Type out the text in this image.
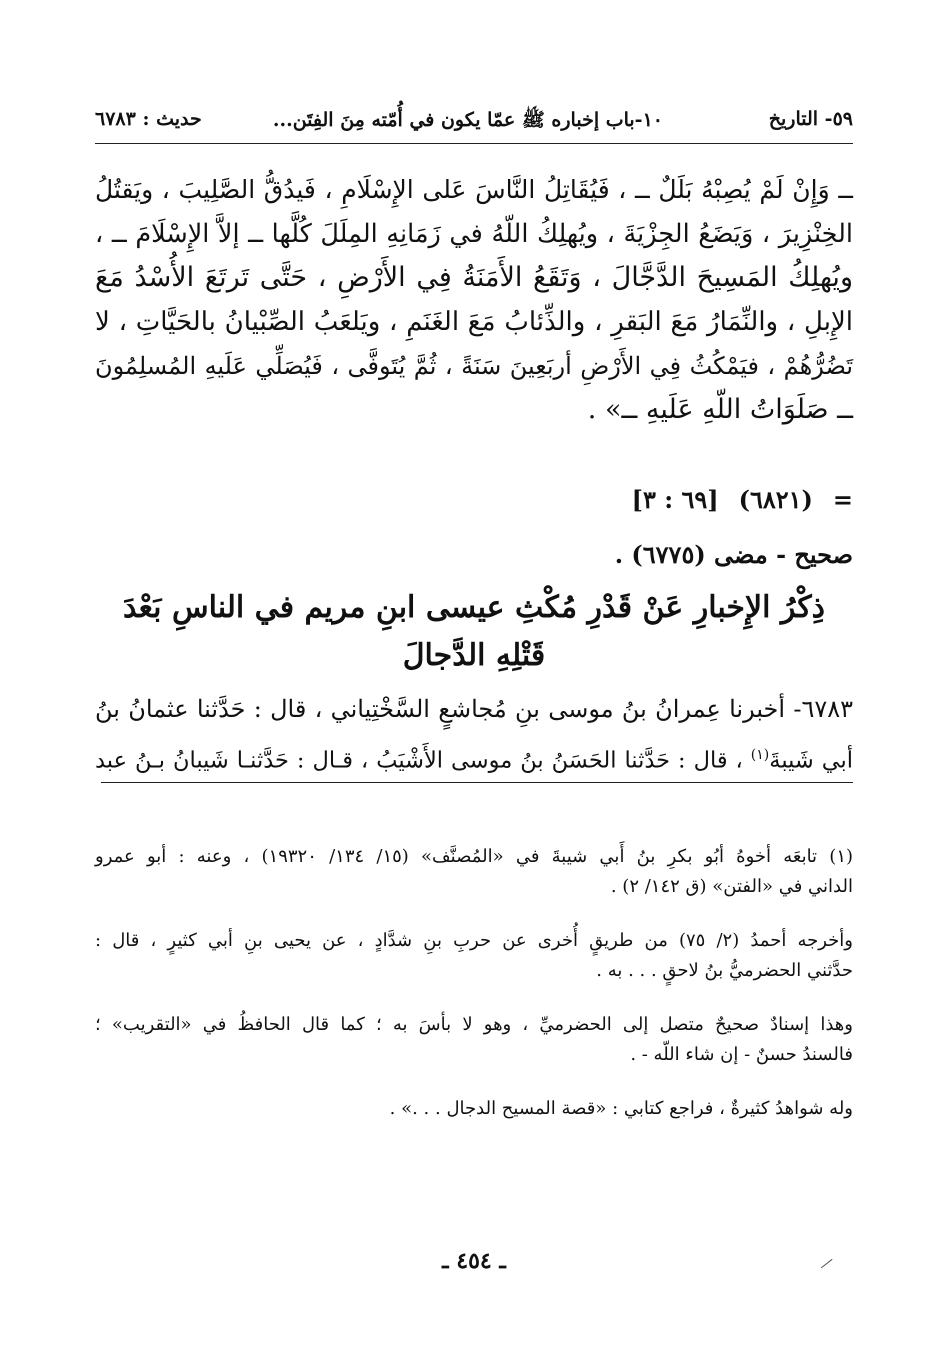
٥٩- التاريخ
١٠-باب إخباره ﷺ عمّا يكون في أُمّته مِنَ الفِتَن...
حديث : ٦٧٨٣

ــ وَإِنْ لَمْ يُصِبْهُ بَلَلٌ ــ ، فَيُقَاتِلُ النَّاسَ عَلى الإِسْلَامِ ، فَيدُقُّ الصَّلِيبَ ، ويَقتُلُ

الخِنْزِيرَ ، وَيَضَعُ الجِزْيَةَ ، ويُهلِكُ اللّهُ في زَمَانِهِ المِلَلَ كُلَّها ــ إلاَّ الإِسْلَامَ ــ ،

ويُهلِكُ المَسِيحَ الدَّجَّالَ ، وَتَقَعُ الأَمَنَةُ فِي الأَرْضِ ، حَتَّى تَرتَعَ الأُسْدُ مَعَ

الإِبلِ ، والنِّمَارُ مَعَ البَقرِ ، والذِّئابُ مَعَ الغَنَمِ ، ويَلعَبُ الصِّبْيانُ بالحَيَّاتِ ، لا

تَضُرُّهُمْ ، فيَمْكُثُ فِي الأَرْضِ أربَعِينَ سَنَةً ، ثُمَّ يُتَوفَّى ، فَيُصَلِّي عَلَيهِ المُسلِمُونَ

ــ صَلَوَاتُ اللّهِ عَلَيهِ ــ» .

=(٦٨٢١)[٦٩ : ٣]
صحيح - مضى (٦٧٧٥) .

ذِكْرُ الإِخبارِ عَنْ قَدْرِ مُكْثِ عيسى ابنِ مريم في الناسِ بَعْدَ

قَتْلِهِ الدَّجالَ

٦٧٨٣- أخبرنا عِمرانُ بنُ موسى بنِ مُجاشعٍ السَّخْتِياني ، قال : حَدَّثنا عثمانُ بنُ

أبي شَيبةَ$^{(١)}$ ، قال : حَدَّثنا الحَسَنُ بنُ موسى الأَشْيَبُ ، قـال : حَدَّثنـا شَيبانُ بـنُ عبد

(١) تابعَه أخوهُ أبُو بكرِ بنُ أَبي شيبةَ في «المُصنَّف» (١٥/ ١٣٤/ ١٩٣٢٠) ، وعنه : أبو عمرو

الداني في «الفتن» (ق ١٤٢/ ٢) .

وأخرجه أحمدُ (٢/ ٧٥) من طريقٍ أُخرى عن حربِ بنِ شدَّادٍ ، عن يحيى بنِ أبي كثيرٍ ، قال :

حدَّثني الحضرميُّ بنُ لاحقٍ . . . به .

وهذا إسنادٌ صحيحٌ متصل إلى الحضرميِّ ، وهو لا بأسَ به ؛ كما قال الحافظُ في «التقريب» ؛

فالسندُ حسنٌ - إن شاء اللّه - .

وله شواهدُ كثيرةٌ ، فراجع كتابي : «قصة المسيح الدجال . . .» .

ـ ٤٥٤ ـ
